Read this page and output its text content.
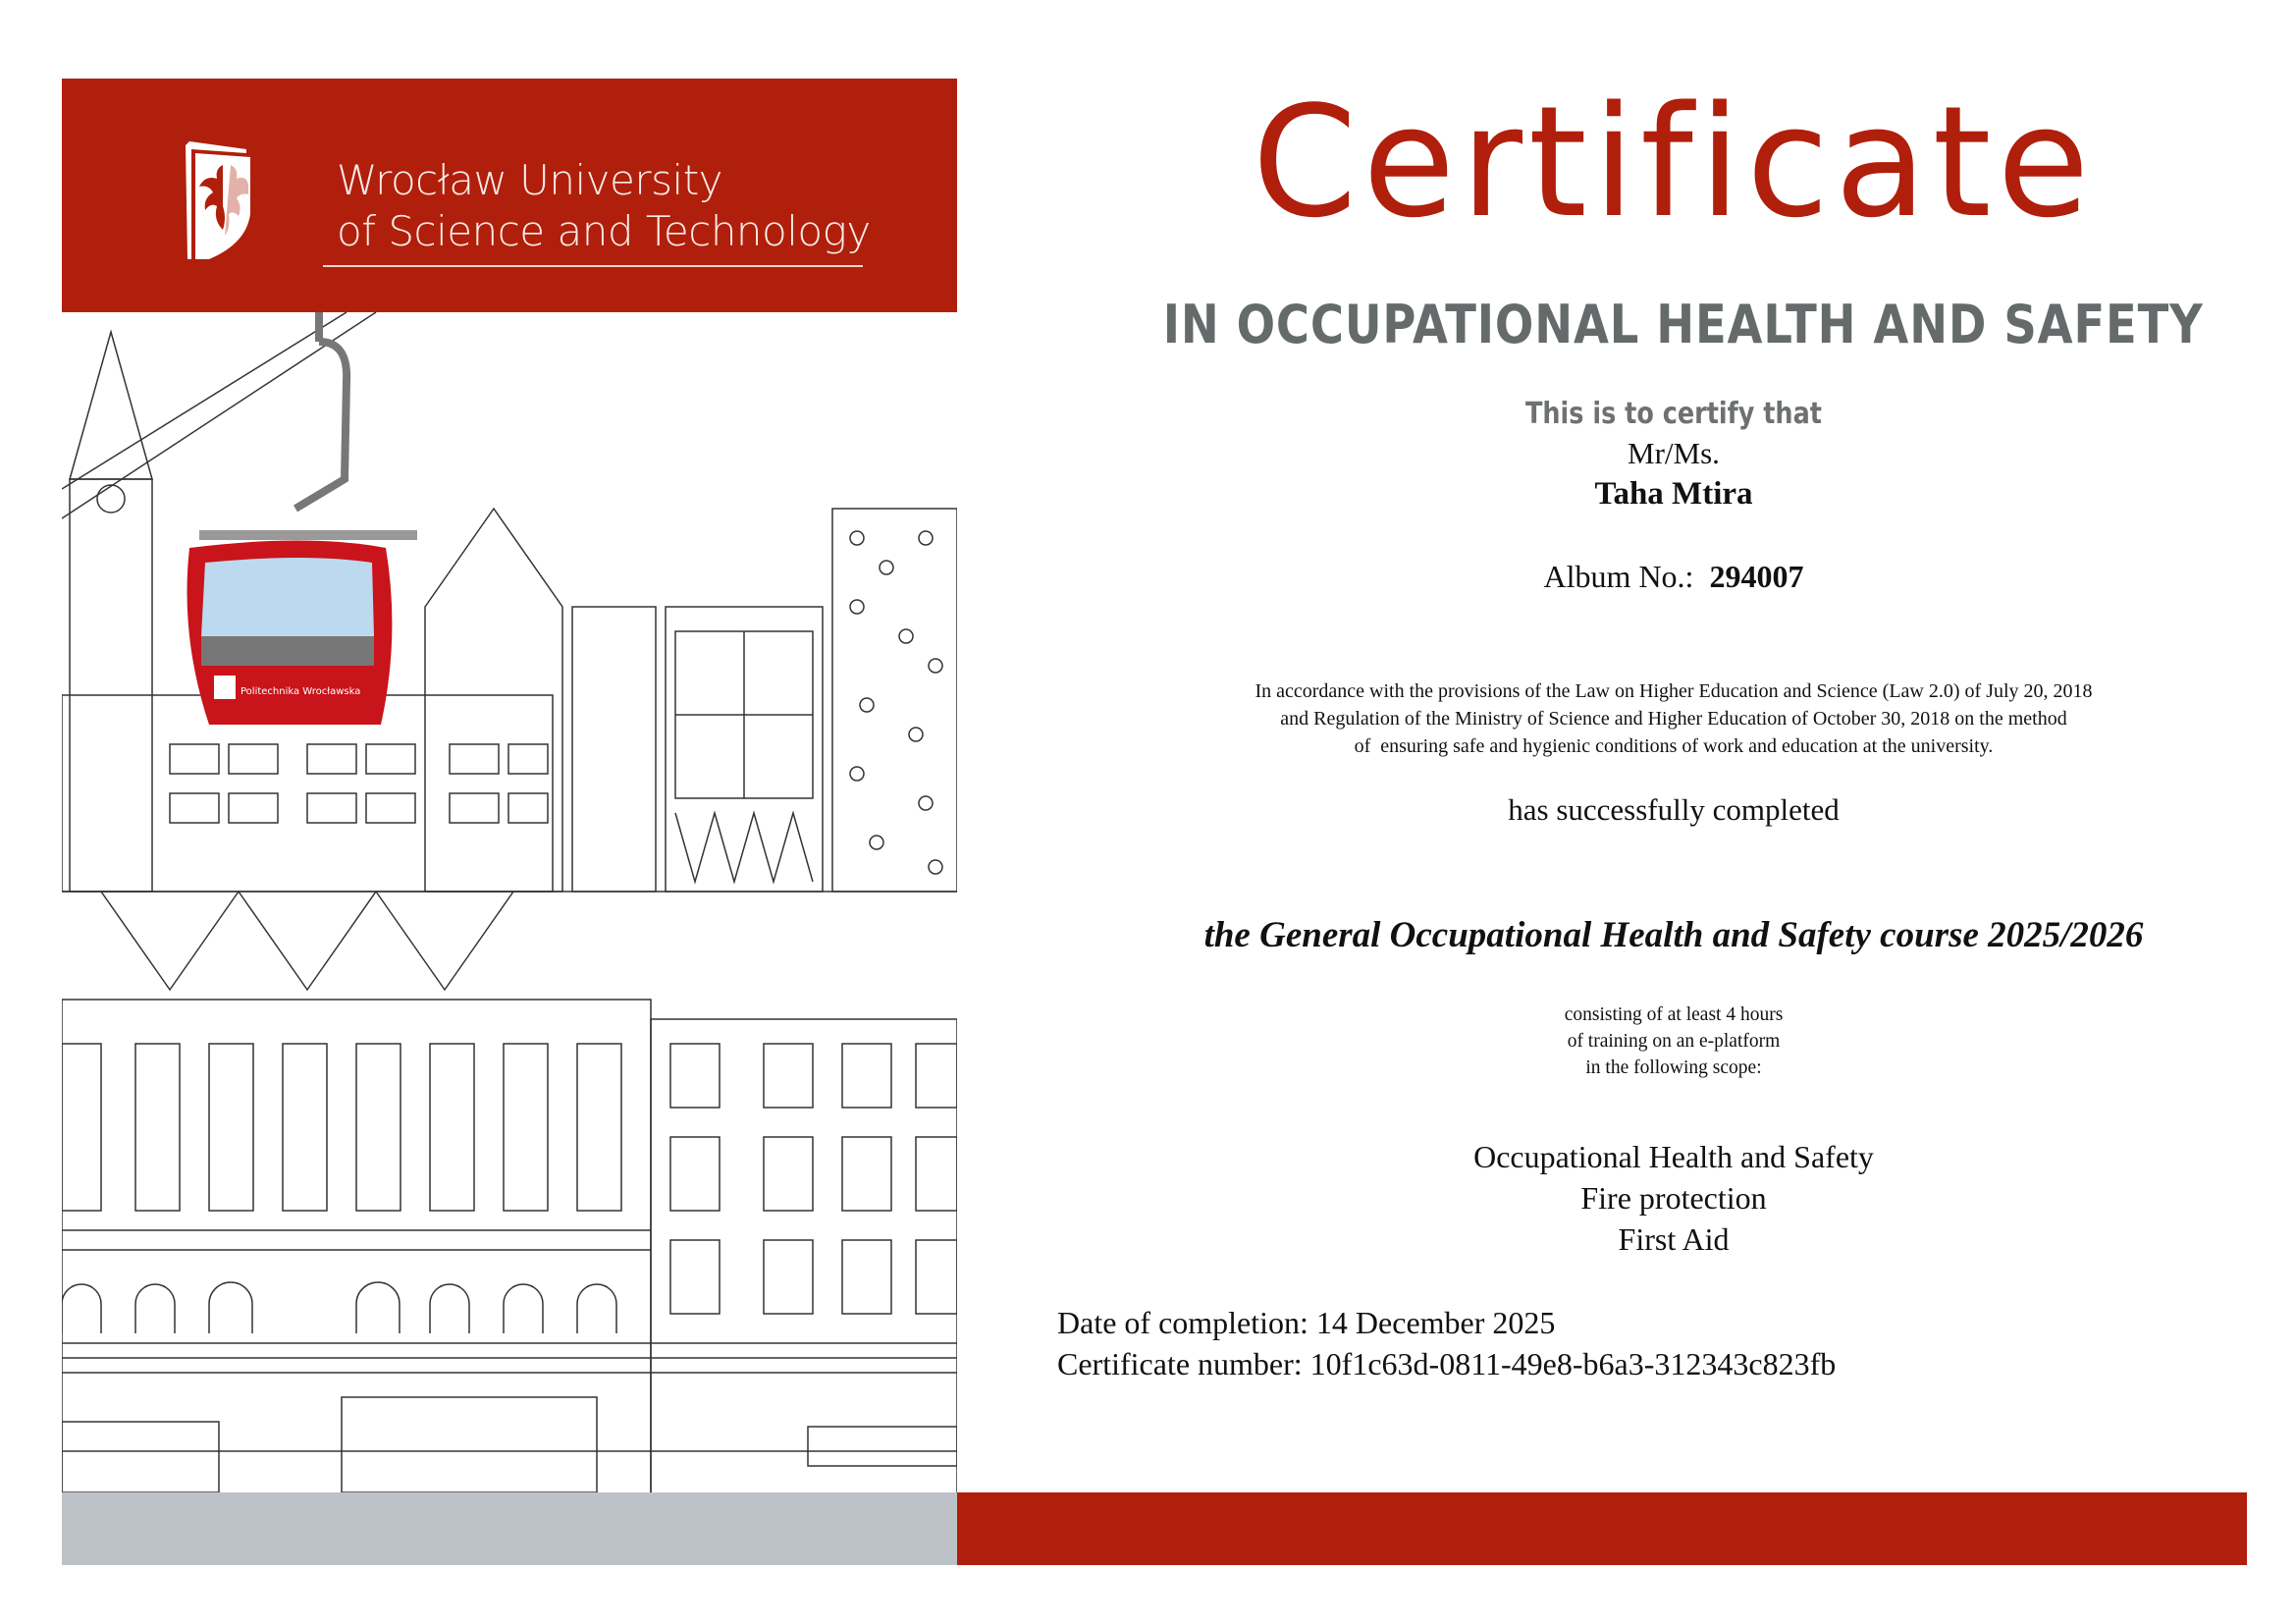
Wrocław University
of Science and Technology
Politechnika Wrocławska
Certificate
IN OCCUPATIONAL HEALTH AND SAFETY
This is to certify that
Mr/Ms.
Taha Mtira
Album No.: 294007
In accordance with the provisions of the Law on Higher Education and Science (Law 2.0) of July 20, 2018
and Regulation of the Ministry of Science and Higher Education of October 30, 2018 on the method
of  ensuring safe and hygienic conditions of work and education at the university.
has successfully completed
the General Occupational Health and Safety course 2025/2026
consisting of at least 4 hours
of training on an e-platform
in the following scope:
Occupational Health and Safety
Fire protection
First Aid
Date of completion: 14 December 2025
Certificate number: 10f1c63d-0811-49e8-b6a3-312343c823fb
